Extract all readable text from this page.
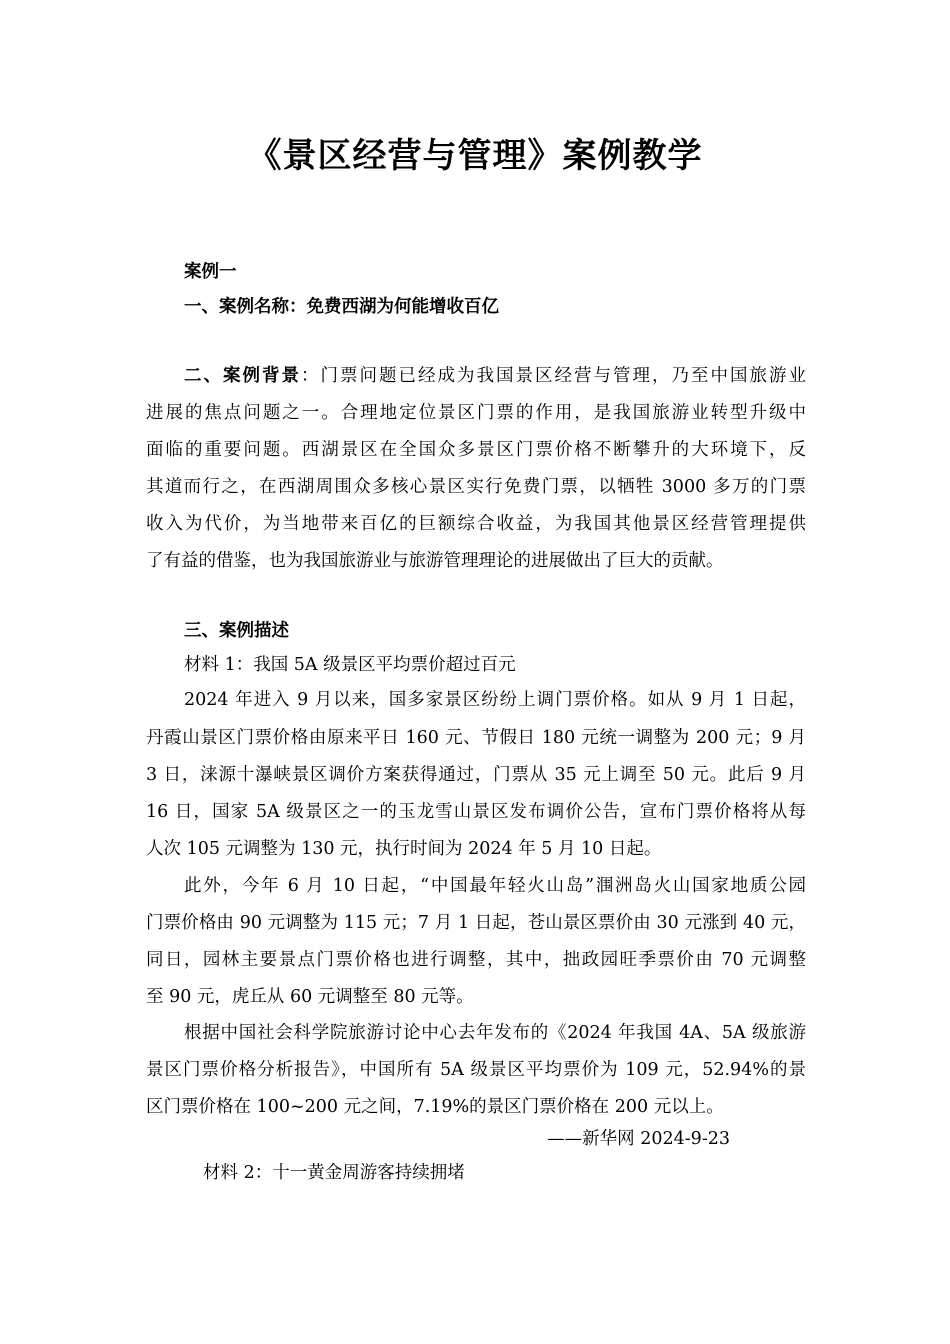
《景区经营与管理》案例教学
案例一
一、案例名称：免费西湖为何能增收百亿
二、案例背景：门票问题已经成为我国景区经营与管理，乃至中国旅游业
进展的焦点问题之一。合理地定位景区门票的作用，是我国旅游业转型升级中
面临的重要问题。西湖景区在全国众多景区门票价格不断攀升的大环境下，反
其道而行之，在西湖周围众多核心景区实行免费门票，以牺牲 3000 多万的门票
收入为代价，为当地带来百亿的巨额综合收益，为我国其他景区经营管理提供
了有益的借鉴，也为我国旅游业与旅游管理理论的进展做出了巨大的贡献。
三、案例描述
材料 1：我国 5A 级景区平均票价超过百元
2024 年进入 9 月以来，国多家景区纷纷上调门票价格。如从 9 月 1 日起，
丹霞山景区门票价格由原来平日 160 元、节假日 180 元统一调整为 200 元；9 月
3 日，涞源十瀑峡景区调价方案获得通过，门票从 35 元上调至 50 元。此后 9 月
16 日，国家 5A 级景区之一的玉龙雪山景区发布调价公告，宣布门票价格将从每
人次 105 元调整为 130 元，执行时间为 2024 年 5 月 10 日起。
此外，今年 6 月 10 日起，“中国最年轻火山岛”涠洲岛火山国家地质公园
门票价格由 90 元调整为 115 元；7 月 1 日起，苍山景区票价由 30 元涨到 40 元，
同日，园林主要景点门票价格也进行调整，其中，拙政园旺季票价由 70 元调整
至 90 元，虎丘从 60 元调整至 80 元等。
根据中国社会科学院旅游讨论中心去年发布的《2024 年我国 4A、5A 级旅游
景区门票价格分析报告》，中国所有 5A 级景区平均票价为 109 元，52.94%的景
区门票价格在 100~200 元之间，7.19%的景区门票价格在 200 元以上。
——新华网 2024-9-23
材料 2：十一黄金周游客持续拥堵
